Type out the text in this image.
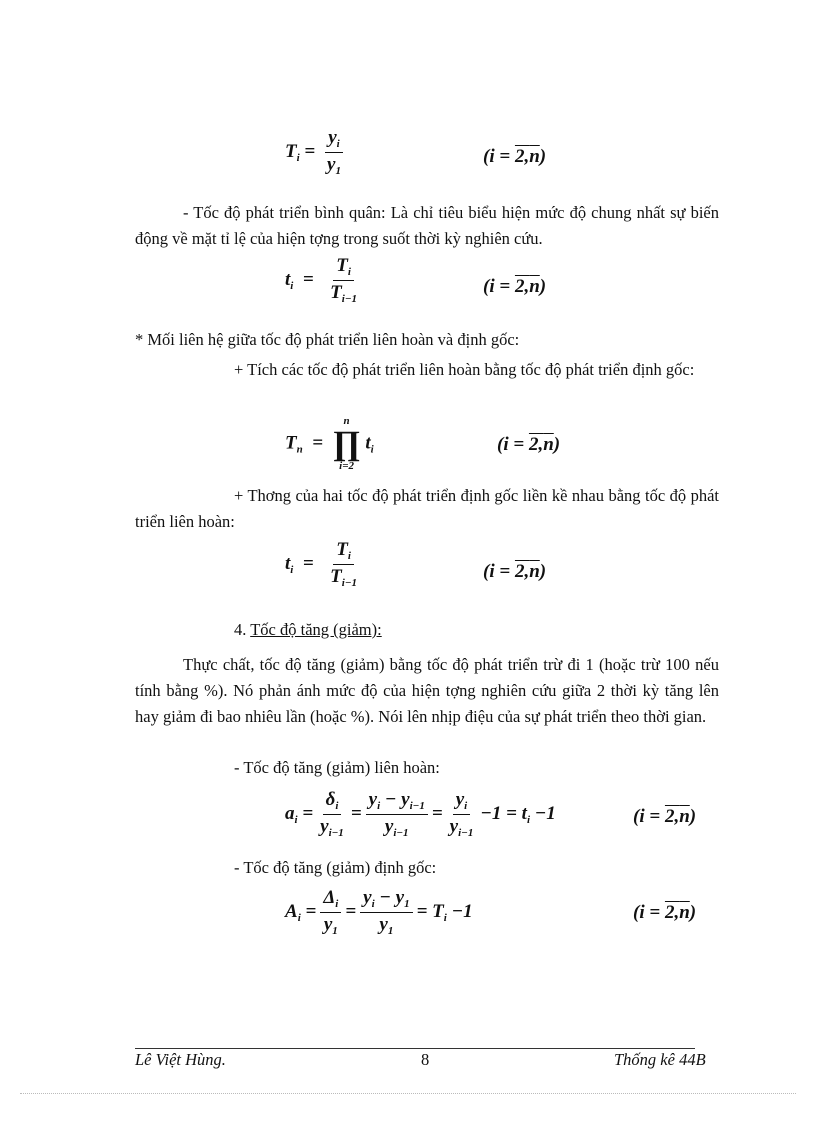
$T_i = \frac{y_i}{y_1}$	(i = 2,n)
- Tốc độ phát triển bình quân: Là chỉ tiêu biểu hiện mức độ chung nhất sự biến động về mặt tỉ lệ của hiện tợng trong suốt thời kỳ nghiên cứu.
$t_i = \frac{T_i}{T_{i-1}}$	(i = 2,n)
* Mối liên hệ giữa tốc độ phát triển liên hoàn và định gốc:
+ Tích các tốc độ phát triển liên hoàn bằng tốc độ phát triển định gốc:
$T_n$  =
n
∏
i=2
$t_i$	(i = 2,n)
+ Thơng của hai tốc độ phát triển định gốc liền kề nhau bằng tốc độ phát triển liên hoàn:
$t_i = \frac{T_i}{T_{i-1}}$	(i = 2,n)
4. Tốc độ tăng (giảm):
Thực chất, tốc độ tăng (giảm) bằng tốc độ phát triển trừ đi 1 (hoặc trừ 100 nếu tính bằng %). Nó phản ánh mức độ của hiện tợng nghiên cứu giữa 2 thời kỳ tăng lên hay giảm đi bao nhiêu lần (hoặc %). Nói lên nhịp điệu của sự phát triển theo thời gian.
- Tốc độ tăng (giảm) liên hoàn:
$a_i = \frac{\delta_i}{y_{i-1}} = \frac{y_i - y_{i-1}}{y_{i-1}} = \frac{y_i}{y_{i-1}} -1 = t_i -1$	(i = 2,n)
- Tốc độ tăng (giảm) định gốc:
$A_i = \frac{\Delta_i}{y_1} = \frac{y_i - y_1}{y_1} = T_i -1$	(i = 2,n)
Lê Việt Hùng.	8	Thống kê 44B
